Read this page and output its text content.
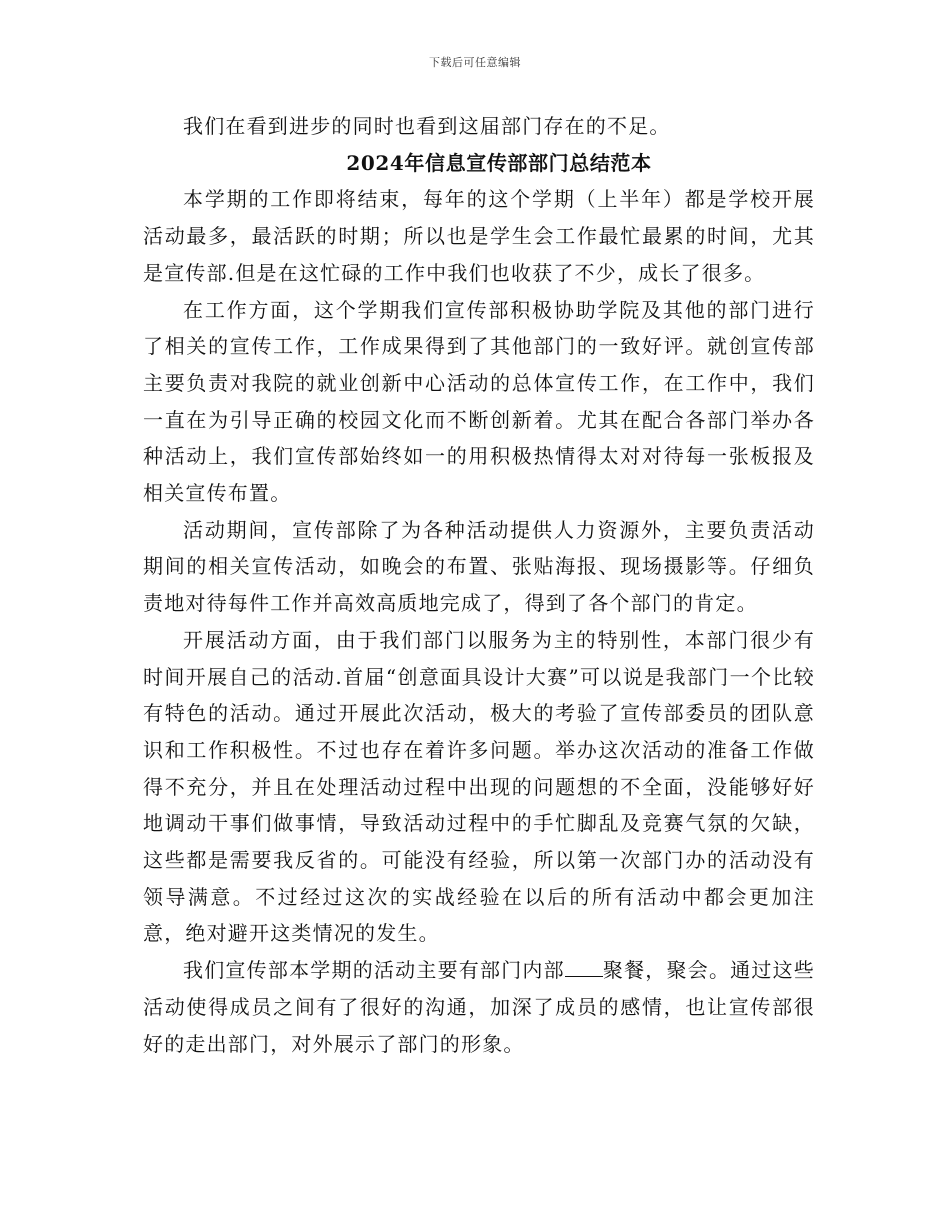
下载后可任意编辑

我们在看到进步的同时也看到这届部门存在的不足。

2024年信息宣传部部门总结范本

本学期的工作即将结束，每年的这个学期（上半年）都是学校开展活动最多，最活跃的时期；所以也是学生会工作最忙最累的时间，尤其是宣传部.但是在这忙碌的工作中我们也收获了不少，成长了很多。

在工作方面，这个学期我们宣传部积极协助学院及其他的部门进行了相关的宣传工作，工作成果得到了其他部门的一致好评。就创宣传部主要负责对我院的就业创新中心活动的总体宣传工作，在工作中，我们一直在为引导正确的校园文化而不断创新着。尤其在配合各部门举办各种活动上，我们宣传部始终如一的用积极热情得太对对待每一张板报及相关宣传布置。

活动期间，宣传部除了为各种活动提供人力资源外，主要负责活动期间的相关宣传活动，如晚会的布置、张贴海报、现场摄影等。仔细负责地对待每件工作并高效高质地完成了，得到了各个部门的肯定。

开展活动方面，由于我们部门以服务为主的特别性，本部门很少有时间开展自己的活动.首届“创意面具设计大赛”可以说是我部门一个比较有特色的活动。通过开展此次活动，极大的考验了宣传部委员的团队意识和工作积极性。不过也存在着许多问题。举办这次活动的准备工作做得不充分，并且在处理活动过程中出现的问题想的不全面，没能够好好地调动干事们做事情，导致活动过程中的手忙脚乱及竞赛气氛的欠缺，这些都是需要我反省的。可能没有经验，所以第一次部门办的活动没有领导满意。不过经过这次的实战经验在以后的所有活动中都会更加注意，绝对避开这类情况的发生。

我们宣传部本学期的活动主要有部门内部 聚餐，聚会。通过这些活动使得成员之间有了很好的沟通，加深了成员的感情，也让宣传部很好的走出部门，对外展示了部门的形象。
